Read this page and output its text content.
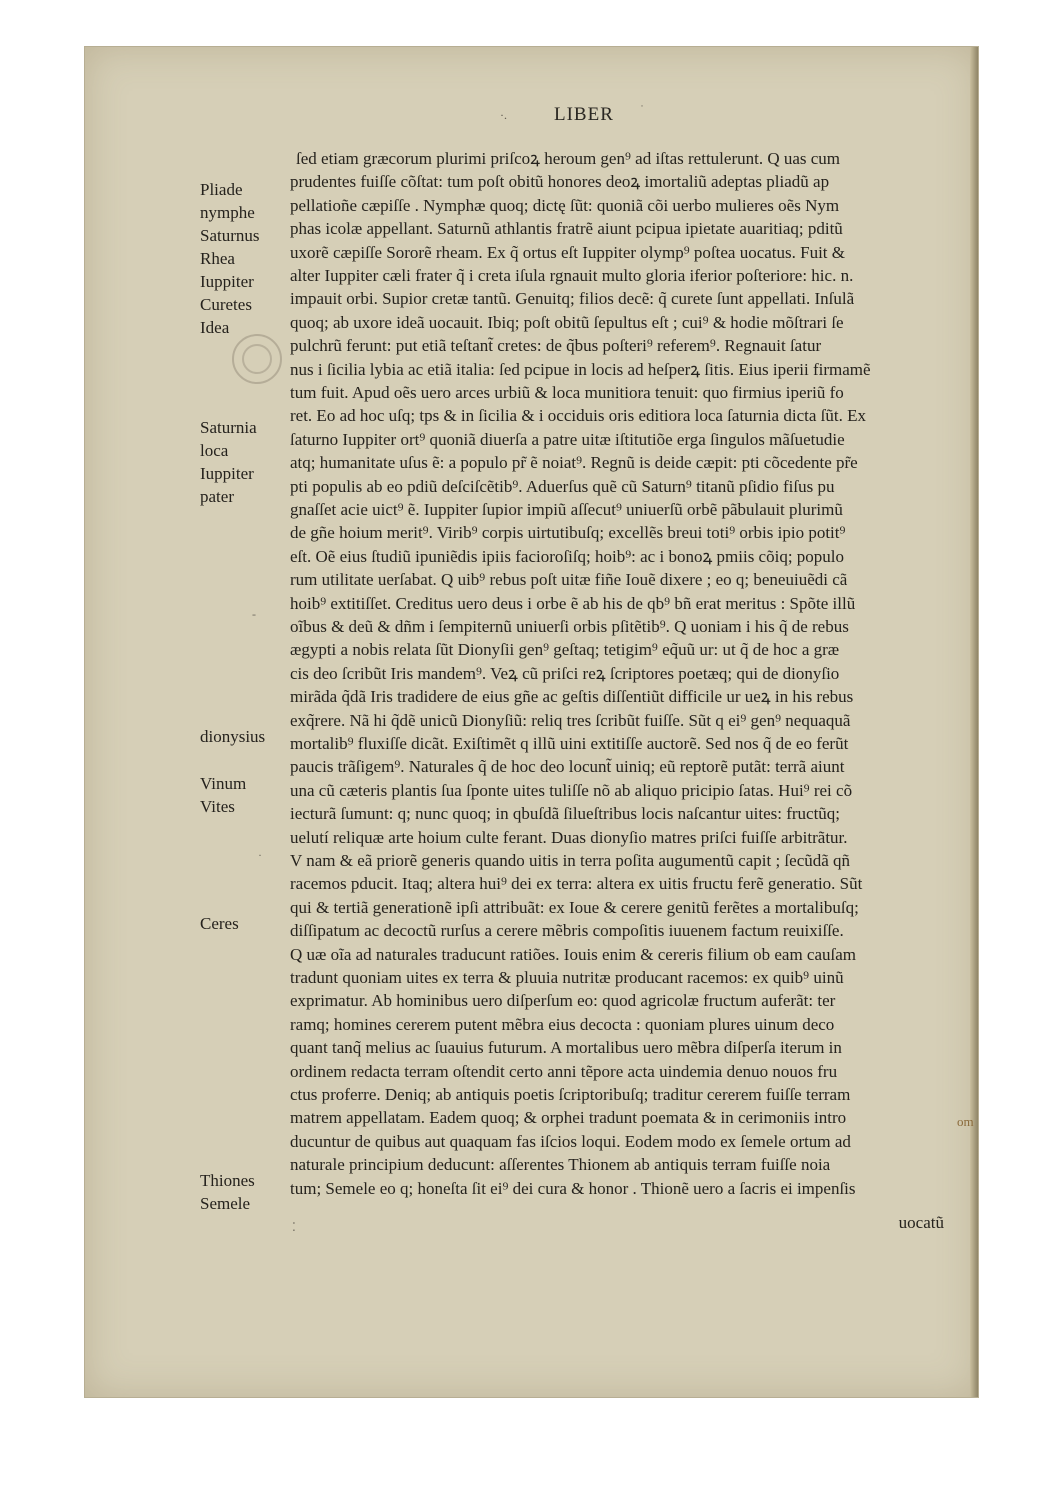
·. LIBER ˙
Pliade
nymphe
Saturnus
Rhea
Iuppiter
Curetes
Idea
Saturnia
loca
Iuppiter
pater
dionysius
Vinum
Vites
Ceres
Thiones
Semele
ſed etiam græcorum plurimi priſcoꝝ heroum gen⁹ ad iſtas rettulerunt. Q uas cum
prudentes fuiſſe cõſtat: tum poſt obitũ honores deoꝝ imortaliũ adeptas pliadũ ap
pellatioñe cæpiſſe . Nymphæ quoq; dictę ſũt: quoniã cõi uerbo mulieres oẽs Nym
phas icolæ appellant. Saturnũ athlantis fratrẽ aiunt pcipua ipietate auaritiaq; pditũ
uxorẽ cæpiſſe Sororẽ rheam. Ex q̃ ortus eſt Iuppiter olymp⁹ poſtea uocatus. Fuit &
alter Iuppiter cæli frater q̃ i creta iſula rgnauit multo gloria iferior poſteriore: hic. n.
impauit orbi. Supior cretæ tantũ. Genuitq; filios decẽ: q̃ curete ſunt appellati. Inſulã
quoq; ab uxore ideã uocauit. Ibiq; poſt obitũ ſepultus eſt ; cui⁹ & hodie mõſtrari ſe
pulchrũ ferunt: put etiã teſtant̃ cretes: de q̃bus poſteri⁹ referem⁹. Regnauit ſatur
nus i ſicilia lybia ac etiã italia: ſed pcipue in locis ad heſperꝝ ſitis. Eius iperii firmamẽ
tum fuit. Apud oẽs uero arces urbiũ & loca munitiora tenuit: quo firmius iperiũ fo
ret. Eo ad hoc uſq; tps & in ſicilia & i occiduis oris editiora loca ſaturnia dicta ſũt. Ex
ſaturno Iuppiter ort⁹ quoniã diuerſa a patre uitæ iſtitutiõe erga ſingulos mãſuetudie
atq; humanitate uſus ẽ: a populo pr̃ ẽ noiat⁹. Regnũ is deide cæpit: pti cõcedente pr̃e
pti populis ab eo pdiũ deſciſcẽtib⁹. Aduerſus quẽ cũ Saturn⁹ titanũ pſidio fiſus pu
gnaſſet acie uict⁹ ẽ. Iuppiter ſupior impiũ aſſecut⁹ uniuerſũ orbẽ pãbulauit plurimũ
de gñe hoium merit⁹. Virib⁹ corpis uirtutibuſq; excellẽs breui toti⁹ orbis ipio potit⁹
eſt. Oẽ eius ſtudiũ ipuniẽdis ipiis facioroſiſq; hoib⁹: ac i bonoꝝ pmiis cõiq; populo
rum utilitate uerſabat. Q uib⁹ rebus poſt uitæ fiñe Iouẽ dixere ; eo q; beneuiuẽdi cã
hoib⁹ extitiſſet. Creditus uero deus i orbe ẽ ab his de qb⁹ bñ erat meritus : Spõte illũ
oĩbus & deũ & dñm i ſempiternũ uniuerſi orbis pſitẽtib⁹. Q uoniam i his q̃ de rebus
ægypti a nobis relata ſũt Dionyſii gen⁹ geſtaq; tetigim⁹ eq̃uũ ur: ut q̃ de hoc a græ
cis deo ſcribũt Iris mandem⁹. Veꝝ cũ priſci reꝝ ſcriptores poetæq; qui de dionyſio
mirãda q̃dã Iris tradidere de eius gñe ac geſtis diſſentiũt difficile ur ueꝝ in his rebus
exq̃rere. Nã hi q̃dẽ unicũ Dionyſiũ: reliq tres ſcribũt fuiſſe. Sũt q ei⁹ gen⁹ nequaquã
mortalib⁹ fluxiſſe dicãt. Exiſtimẽt q illũ uini extitiſſe auctorẽ. Sed nos q̃ de eo ferũt
paucis trãſigem⁹. Naturales q̃ de hoc deo locunt̃ uiniq; eũ reptorẽ putãt: terrã aiunt
una cũ cæteris plantis ſua ſponte uites tuliſſe nõ ab aliquo pricipio ſatas. Hui⁹ rei cõ
iecturã ſumunt: q; nunc quoq; in qbuſdã ſilueſtribus locis naſcantur uites: fructũq;
uelutí reliquæ arte hoium culte ferant. Duas dionyſio matres priſci fuiſſe arbitrãtur.
V nam & eã priorẽ generis quando uitis in terra poſita augumentũ capit ; ſecũdã qñ
racemos pducit. Itaq; altera hui⁹ dei ex terra: altera ex uitis fructu ferẽ generatio. Sũt
qui & tertiã generationẽ ipſi attribuãt: ex Ioue & cerere genitũ ferẽtes a mortalibuſq;
diſſipatum ac decoctũ rurſus a cerere mẽbris compoſitis iuuenem factum reuixiſſe.
Q uæ oĩa ad naturales traducunt ratiões. Iouis enim & cereris filium ob eam cauſam
tradunt quoniam uites ex terra & pluuia nutritæ producant racemos: ex quib⁹ uinũ
exprimatur. Ab hominibus uero diſperſum eo: quod agricolæ fructum auferãt: ter
ramq; homines cererem putent mẽbra eius decocta : quoniam plures uinum deco
quant tanq̃ melius ac ſuauius futurum. A mortalibus uero mẽbra diſperſa iterum in
ordinem redacta terram oſtendit certo anni tẽpore acta uindemia denuo nouos fru
ctus proferre. Deniq; ab antiquis poetis ſcriptoribuſq; traditur cererem fuiſſe terram
matrem appellatam. Eadem quoq; & orphei tradunt poemata & in cerimoniis intro
ducuntur de quibus aut quaquam fas iſcios loqui. Eodem modo ex ſemele ortum ad
naturale principium deducunt: aſſerentes Thionem ab antiquis terram fuiſſe noia
tum; Semele eo q; honeſta ſit ei⁹ dei cura & honor . Thionẽ uero a ſacris ei impenſis
uocatũ
om
·
-
⁚
